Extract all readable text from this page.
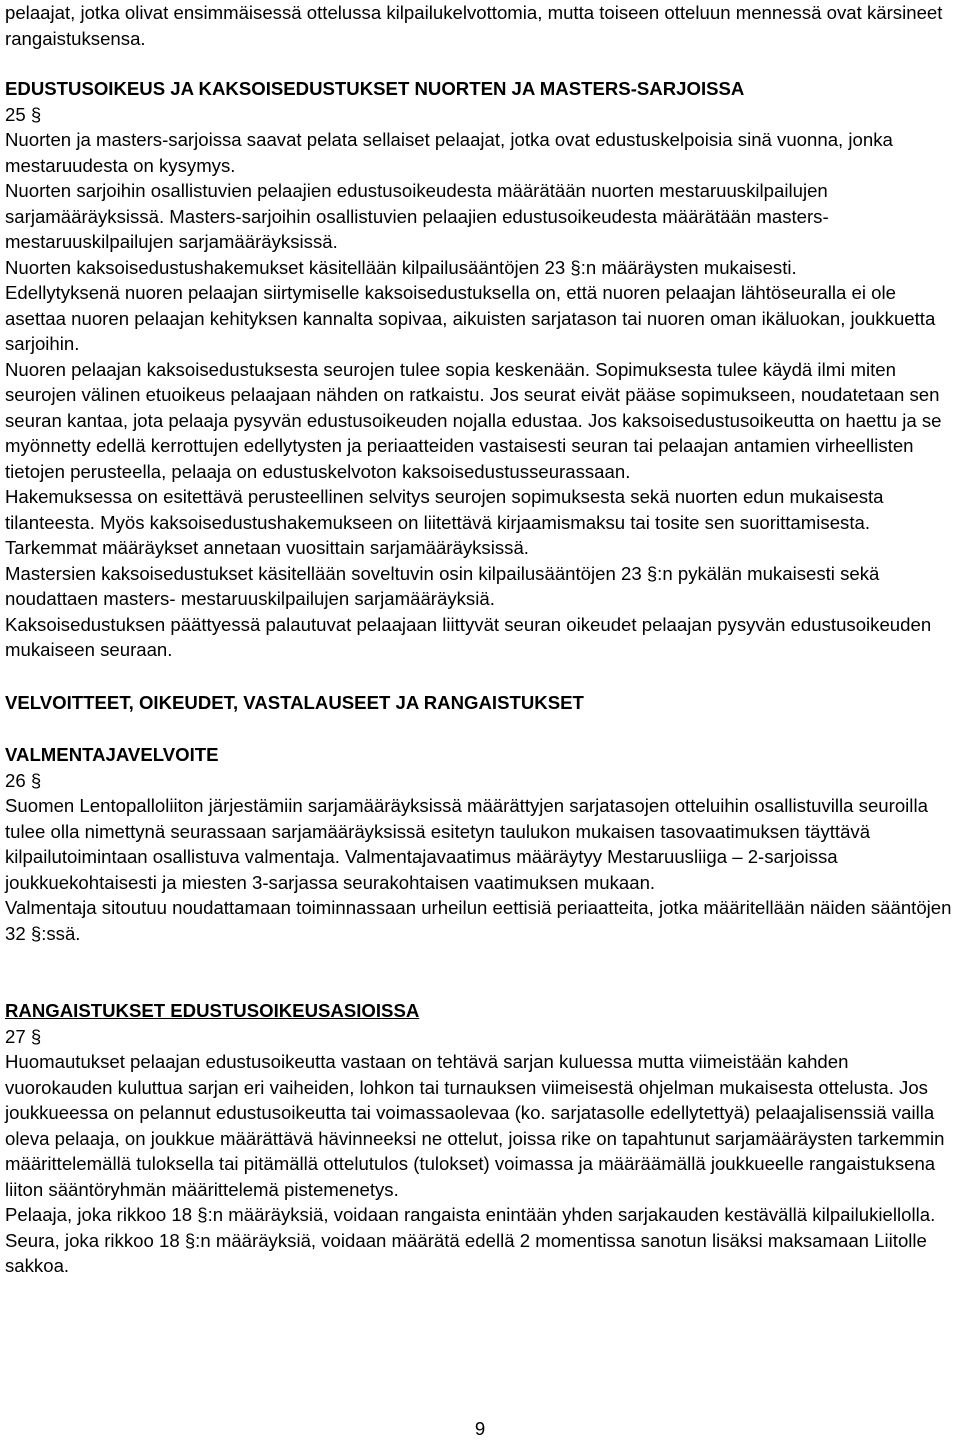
pelaajat, jotka olivat ensimmäisessä ottelussa kilpailukelvottomia, mutta toiseen otteluun mennessä ovat kärsineet rangaistuksensa.

EDUSTUSOIKEUS JA KAKSOISEDUSTUKSET NUORTEN JA MASTERS-SARJOISSA

25 §

Nuorten ja masters-sarjoissa saavat pelata sellaiset pelaajat, jotka ovat edustuskelpoisia sinä vuonna, jonka mestaruudesta on kysymys.

Nuorten sarjoihin osallistuvien pelaajien edustusoikeudesta määrätään nuorten mestaruuskilpailujen sarjamääräyksissä. Masters-sarjoihin osallistuvien pelaajien edustusoikeudesta määrätään masters- mestaruuskilpailujen sarjamääräyksissä.

Nuorten kaksoisedustushakemukset käsitellään kilpailusääntöjen 23 §:n määräysten mukaisesti.

Edellytyksenä nuoren pelaajan siirtymiselle kaksoisedustuksella on, että nuoren pelaajan lähtöseuralla ei ole asettaa nuoren pelaajan kehityksen kannalta sopivaa, aikuisten sarjatason tai nuoren oman ikäluokan, joukkuetta sarjoihin.

Nuoren pelaajan kaksoisedustuksesta seurojen tulee sopia keskenään. Sopimuksesta tulee käydä ilmi miten seurojen välinen etuoikeus pelaajaan nähden on ratkaistu. Jos seurat eivät pääse sopimukseen, noudatetaan sen seuran kantaa, jota pelaaja pysyvän edustusoikeuden nojalla edustaa. Jos kaksoisedustusoikeutta on haettu ja se myönnetty edellä kerrottujen edellytysten ja periaatteiden vastaisesti seuran tai pelaajan antamien virheellisten tietojen perusteella, pelaaja on edustuskelvoton kaksoisedustusseurassaan.

Hakemuksessa on esitettävä perusteellinen selvitys seurojen sopimuksesta sekä nuorten edun mukaisesta tilanteesta. Myös kaksoisedustushakemukseen on liitettävä kirjaamismaksu tai tosite sen suorittamisesta. Tarkemmat määräykset annetaan vuosittain sarjamääräyksissä.

Mastersien kaksoisedustukset käsitellään soveltuvin osin kilpailusääntöjen 23 §:n pykälän mukaisesti sekä noudattaen masters- mestaruuskilpailujen sarjamääräyksiä.

Kaksoisedustuksen päättyessä palautuvat pelaajaan liittyvät seuran oikeudet pelaajan pysyvän edustusoikeuden mukaiseen seuraan.

VELVOITTEET, OIKEUDET, VASTALAUSEET JA RANGAISTUKSET

VALMENTAJAVELVOITE

26 §

Suomen Lentopalloliiton järjestämiin sarjamääräyksissä määrättyjen sarjatasojen otteluihin osallistuvilla seuroilla tulee olla nimettynä seurassaan sarjamääräyksissä esitetyn taulukon mukaisen tasovaatimuksen täyttävä kilpailutoimintaan osallistuva valmentaja. Valmentajavaatimus määräytyy Mestaruusliiga – 2-sarjoissa joukkuekohtaisesti ja miesten 3-sarjassa seurakohtaisen vaatimuksen mukaan.

Valmentaja sitoutuu noudattamaan toiminnassaan urheilun eettisiä periaatteita, jotka määritellään näiden sääntöjen 32 §:ssä.

RANGAISTUKSET EDUSTUSOIKEUSASIOISSA

27 §

Huomautukset pelaajan edustusoikeutta vastaan on tehtävä sarjan kuluessa mutta viimeistään kahden vuorokauden kuluttua sarjan eri vaiheiden, lohkon tai turnauksen viimeisestä ohjelman mukaisesta ottelusta. Jos joukkueessa on pelannut edustusoikeutta tai voimassaolevaa (ko. sarjatasolle edellytettyä) pelaajalisenssiä vailla oleva pelaaja, on joukkue määrättävä hävinneeksi ne ottelut, joissa rike on tapahtunut sarjamääräysten tarkemmin määrittelemällä tuloksella tai pitämällä ottelutulos (tulokset) voimassa ja määräämällä joukkueelle rangaistuksena liiton sääntöryhmän määrittelemä pistemenetys.

Pelaaja, joka rikkoo 18 §:n määräyksiä, voidaan rangaista enintään yhden sarjakauden kestävällä kilpailukiellolla. Seura, joka rikkoo 18 §:n määräyksiä, voidaan määrätä edellä 2 momentissa sanotun lisäksi maksamaan Liitolle sakkoa.

9
